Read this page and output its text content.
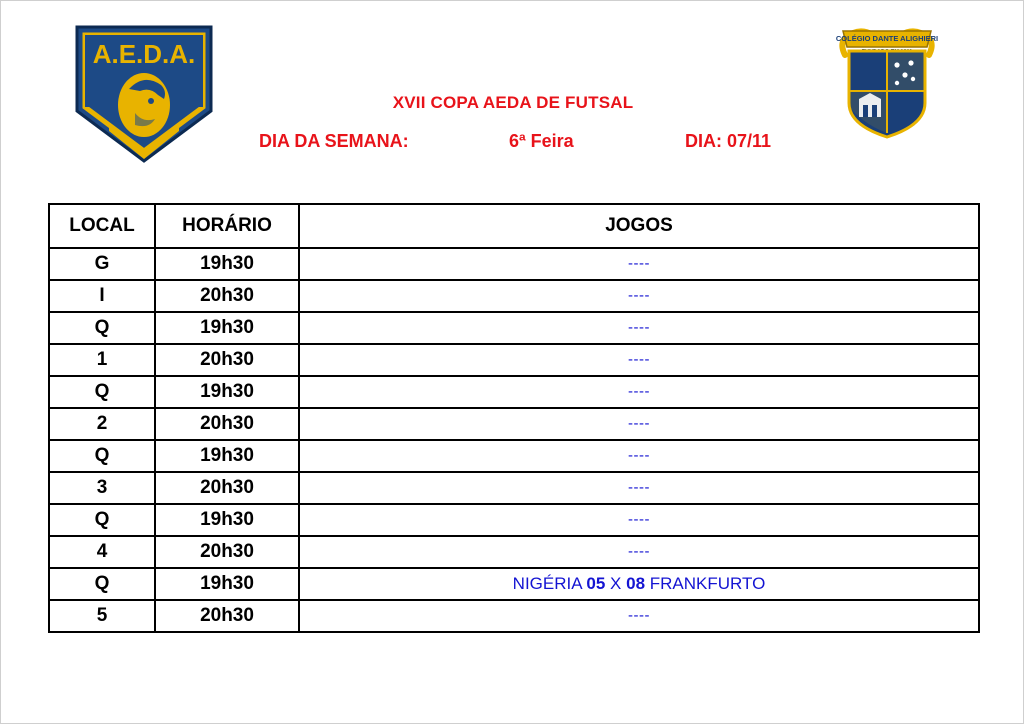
A.E.D.A.
COLÉGIO DANTE ALIGHIERI
XVII COPA AEDA DE FUTSAL
DIA DA SEMANA:	6ª Feira	DIA: 07/11
LOCAL	HORÁRIO	JOGOS
G	19h30	----
I	20h30	----
Q	19h30	----
1	20h30	----
Q	19h30	----
2	20h30	----
Q	19h30	----
3	20h30	----
Q	19h30	----
4	20h30	----
Q	19h30	NIGÉRIA 05 X 08 FRANKFURTO
5	20h30	----
